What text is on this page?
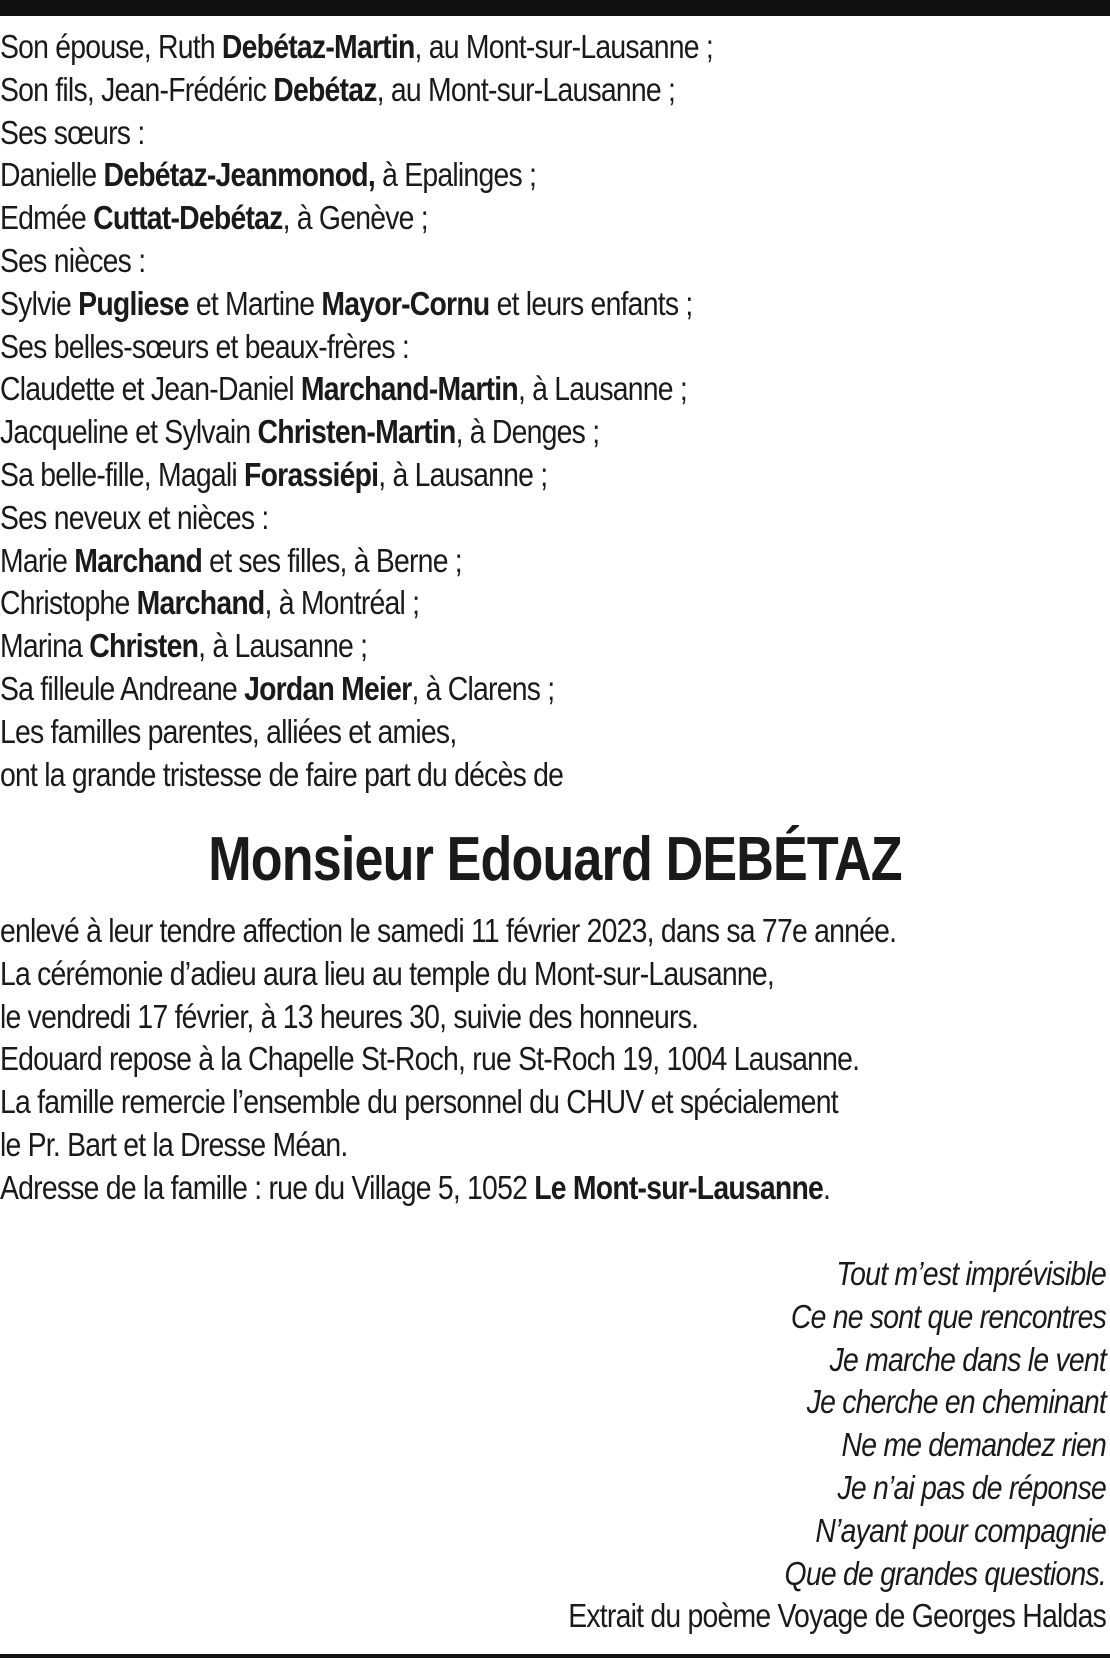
Son épouse, Ruth Debétaz-Martin, au Mont-sur-Lausanne ;
Son fils, Jean-Frédéric Debétaz, au Mont-sur-Lausanne ;
Ses sœurs :
Danielle Debétaz-Jeanmonod, à Epalinges ;
Edmée Cuttat-Debétaz, à Genève ;
Ses nièces :
Sylvie Pugliese et Martine Mayor-Cornu et leurs enfants ;
Ses belles-sœurs et beaux-frères :
Claudette et Jean-Daniel Marchand-Martin, à Lausanne ;
Jacqueline et Sylvain Christen-Martin, à Denges ;
Sa belle-fille, Magali Forassiépi, à Lausanne ;
Ses neveux et nièces :
Marie Marchand et ses filles, à Berne ;
Christophe Marchand, à Montréal ;
Marina Christen, à Lausanne ;
Sa filleule Andreane Jordan Meier, à Clarens ;
Les familles parentes, alliées et amies,
ont la grande tristesse de faire part du décès de
Monsieur Edouard DEBÉTAZ
enlevé à leur tendre affection le samedi 11 février 2023, dans sa 77e année.
La cérémonie d’adieu aura lieu au temple du Mont-sur-Lausanne,
le vendredi 17 février, à 13 heures 30, suivie des honneurs.
Edouard repose à la Chapelle St-Roch, rue St-Roch 19, 1004 Lausanne.
La famille remercie l’ensemble du personnel du CHUV et spécialement
le Pr. Bart et la Dresse Méan.
Adresse de la famille : rue du Village 5, 1052 Le Mont-sur-Lausanne.
Tout m’est imprévisible
Ce ne sont que rencontres
Je marche dans le vent
Je cherche en cheminant
Ne me demandez rien
Je n’ai pas de réponse
N’ayant pour compagnie
Que de grandes questions.
Extrait du poème Voyage de Georges Haldas
